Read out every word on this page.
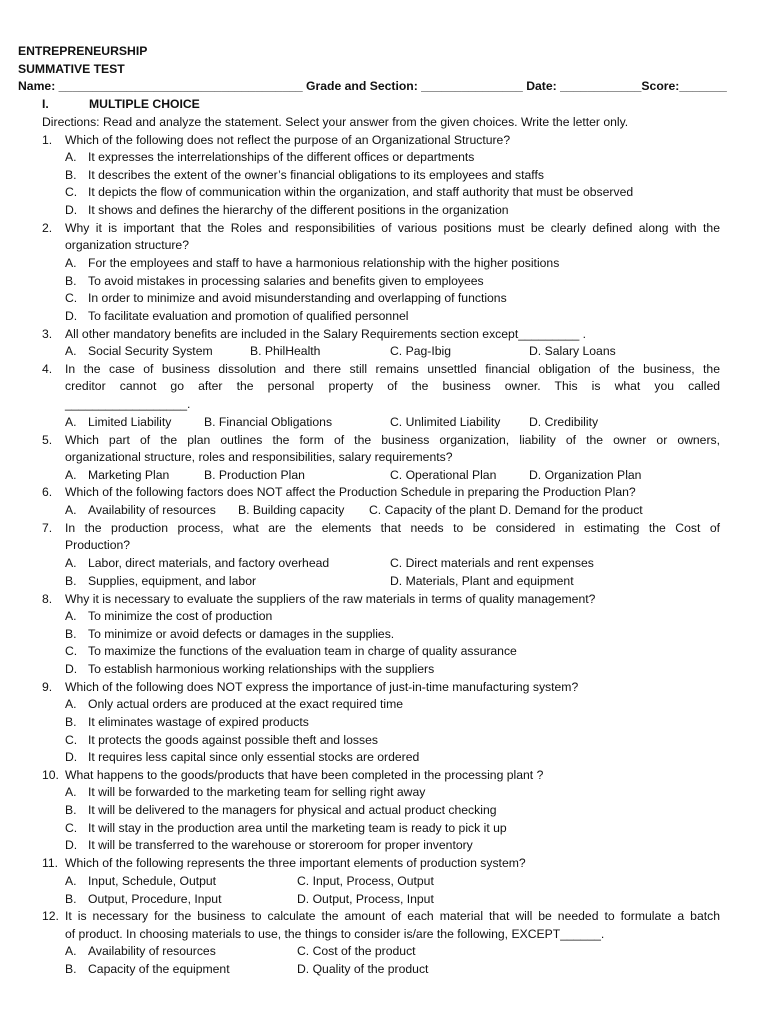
ENTREPRENEURSHIP
SUMMATIVE TEST
Name: ____________________________________ Grade and Section: _______________ Date: ____________Score:_______
I.	MULTIPLE CHOICE
Directions: Read and analyze the statement. Select your answer from the given choices. Write the letter only.
1. Which of the following does not reflect the purpose of an Organizational Structure?
A. It expresses the interrelationships of the different offices or departments
B. It describes the extent of the owner’s financial obligations to its employees and staffs
C. It depicts the flow of communication within the organization, and staff authority that must be observed
D. It shows and defines the hierarchy of the different positions in the organization
2. Why it is important that the Roles and responsibilities of various positions must be clearly defined along with the
organization structure?
A. For the employees and staff to have a harmonious relationship with the higher positions
B. To avoid mistakes in processing salaries and benefits given to employees
C. In order to minimize and avoid misunderstanding and overlapping of functions
D. To facilitate evaluation and promotion of qualified personnel
3. All other mandatory benefits are included in the Salary Requirements section except_________ .
A. Social Security System	B. PhilHealth	C. Pag-Ibig	D. Salary Loans
4. In the case of business dissolution and there still remains unsettled financial obligation of the business, the
creditor cannot go after the personal property of the business owner. This is what you called
__________________.
A. Limited Liability	B. Financial Obligations	C. Unlimited Liability D. Credibility
5. Which part of the plan outlines the form of the business organization, liability of the owner or owners,
organizational structure, roles and responsibilities, salary requirements?
A. Marketing Plan	B. Production Plan	C. Operational Plan	D. Organization Plan
6. Which of the following factors does NOT affect the Production Schedule in preparing the Production Plan?
A. Availability of resources B. Building capacity C. Capacity of the plant D. Demand for the product
7. In the production process, what are the elements that needs to be considered in estimating the Cost of
Production?
A. Labor, direct materials, and factory overhead	C. Direct materials and rent expenses
B. Supplies, equipment, and labor	D. Materials, Plant and equipment
8. Why it is necessary to evaluate the suppliers of the raw materials in terms of quality management?
A. To minimize the cost of production
B. To minimize or avoid defects or damages in the supplies.
C. To maximize the functions of the evaluation team in charge of quality assurance
D. To establish harmonious working relationships with the suppliers
9. Which of the following does NOT express the importance of just-in-time manufacturing system?
A. Only actual orders are produced at the exact required time
B. It eliminates wastage of expired products
C. It protects the goods against possible theft and losses
D. It requires less capital since only essential stocks are ordered
10. What happens to the goods/products that have been completed in the processing plant ?
A. It will be forwarded to the marketing team for selling right away
B. It will be delivered to the managers for physical and actual product checking
C. It will stay in the production area until the marketing team is ready to pick it up
D. It will be transferred to the warehouse or storeroom for proper inventory
11. Which of the following represents the three important elements of production system?
A. Input, Schedule, Output	C. Input, Process, Output
B. Output, Procedure, Input	D. Output, Process, Input
12. It is necessary for the business to calculate the amount of each material that will be needed to formulate a batch
of product. In choosing materials to use, the things to consider is/are the following, EXCEPT______.
A. Availability of resources	C. Cost of the product
B. Capacity of the equipment	D. Quality of the product
